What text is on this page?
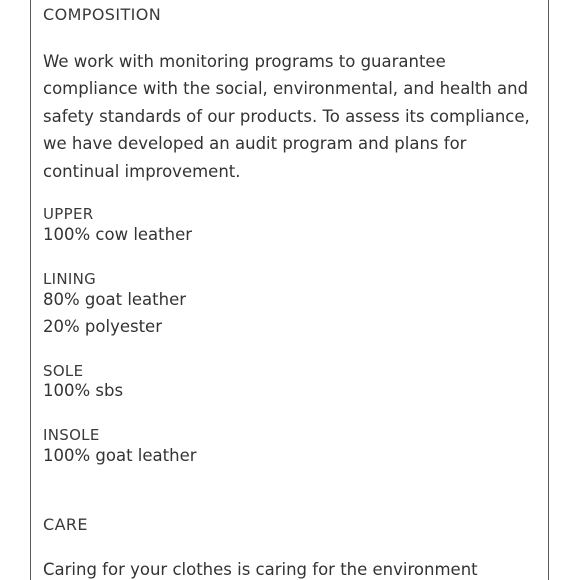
COMPOSITION

We work with monitoring programs to guarantee compliance with the social, environmental, and health and safety standards of our products. To assess its compliance, we have developed an audit program and plans for continual improvement.

UPPER
100% cow leather
LINING
80% goat leather
20% polyester
SOLE
100% sbs
INSOLE
100% goat leather
CARE

Caring for your clothes is caring for the environment
